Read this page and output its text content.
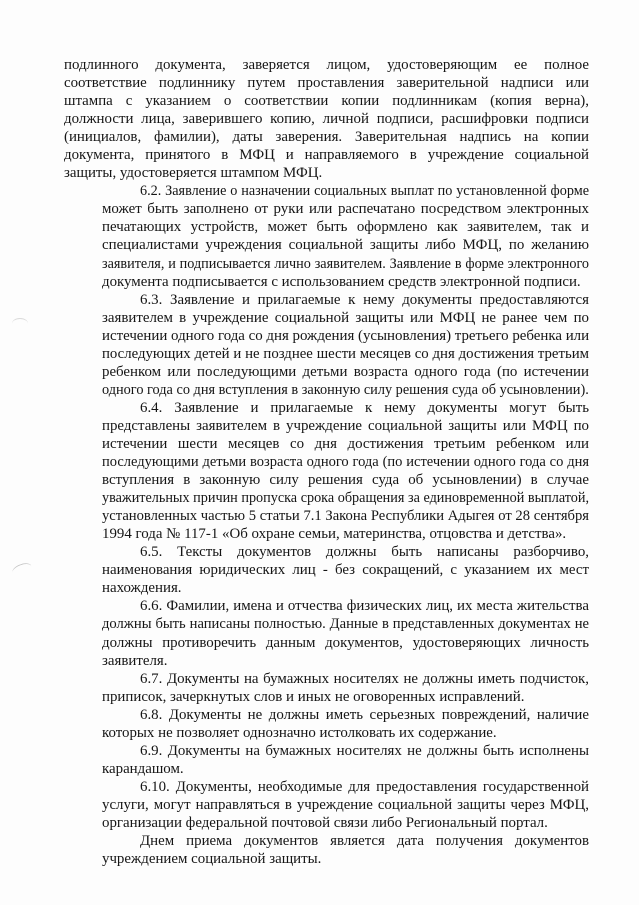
подлинного документа, заверяется лицом, удостоверяющим ее полное
соответствие подлиннику путем проставления заверительной надписи или
штампа с указанием о соответствии копии подлинникам (копия верна),
должности лица, заверившего копию, личной подписи, расшифровки подписи
(инициалов, фамилии), даты заверения. Заверительная надпись на копии
документа, принятого в МФЦ и направляемого в учреждение социальной
защиты, удостоверяется штампом МФЦ.

6.2. Заявление о назначении социальных выплат по установленной форме
может быть заполнено от руки или распечатано посредством электронных
печатающих устройств, может быть оформлено как заявителем, так и
специалистами учреждения социальной защиты либо МФЦ, по желанию
заявителя, и подписывается лично заявителем. Заявление в форме электронного
документа подписывается с использованием средств электронной подписи.

6.3. Заявление и прилагаемые к нему документы предоставляются
заявителем в учреждение социальной защиты или МФЦ не ранее чем по
истечении одного года со дня рождения (усыновления) третьего ребенка или
последующих детей и не позднее шести месяцев со дня достижения третьим
ребенком или последующими детьми возраста одного года (по истечении
одного года со дня вступления в законную силу решения суда об усыновлении).

6.4. Заявление и прилагаемые к нему документы могут быть
представлены заявителем в учреждение социальной защиты или МФЦ по
истечении шести месяцев со дня достижения третьим ребенком или
последующими детьми возраста одного года (по истечении одного года со дня
вступления в законную силу решения суда об усыновлении) в случае
уважительных причин пропуска срока обращения за единовременной выплатой,
установленных частью 5 статьи 7.1 Закона Республики Адыгея от 28 сентября
1994 года № 117-1 «Об охране семьи, материнства, отцовства и детства».

6.5. Тексты документов должны быть написаны разборчиво,
наименования юридических лиц - без сокращений, с указанием их мест
нахождения.

6.6. Фамилии, имена и отчества физических лиц, их места жительства
должны быть написаны полностью. Данные в представленных документах не
должны противоречить данным документов, удостоверяющих личность
заявителя.

6.7. Документы на бумажных носителях не должны иметь подчисток,
приписок, зачеркнутых слов и иных не оговоренных исправлений.

6.8. Документы не должны иметь серьезных повреждений, наличие
которых не позволяет однозначно истолковать их содержание.

6.9. Документы на бумажных носителях не должны быть исполнены
карандашом.

6.10. Документы, необходимые для предоставления государственной
услуги, могут направляться в учреждение социальной защиты через МФЦ,
организации федеральной почтовой связи либо Региональный портал.

Днем приема документов является дата получения документов
учреждением социальной защиты.
